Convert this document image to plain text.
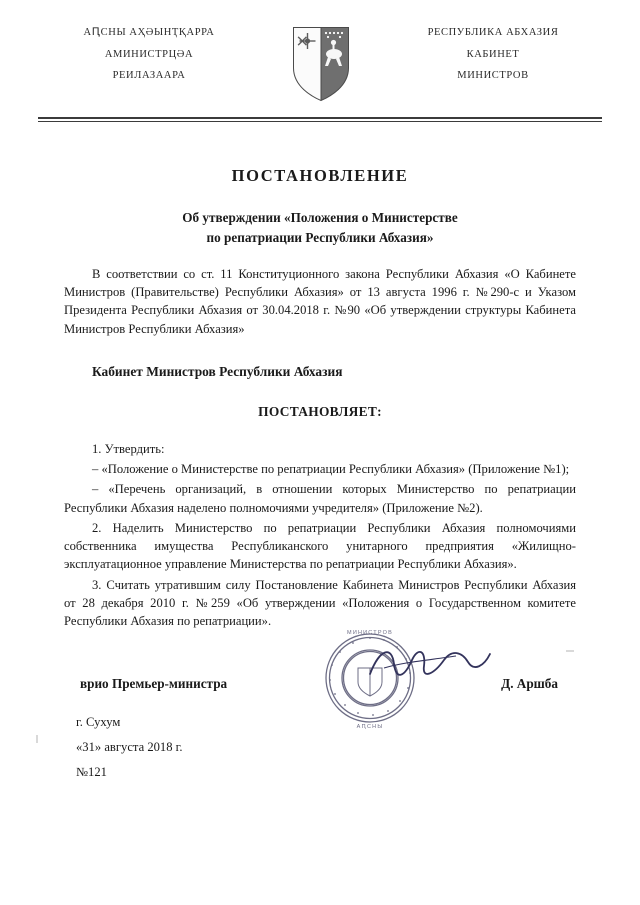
АԤСНЫ АҲӘЫНҬҚАРРА
АМИНИСТРЦӘА
РЕИЛАЗААРА
РЕСПУБЛИКА АБХАЗИЯ
КАБИНЕТ
МИНИСТРОВ
ПОСТАНОВЛЕНИЕ
Об утверждении «Положения о Министерстве
по репатриации Республики Абхазия»
В соответствии со ст. 11 Конституционного закона Республики Абхазия «О Кабинете Министров (Правительстве) Республики Абхазия» от 13 августа 1996 г. №290-с и Указом Президента Республики Абхазия от 30.04.2018 г. №90 «Об утверждении структуры Кабинета Министров Республики Абхазия»
Кабинет Министров Республики Абхазия
ПОСТАНОВЛЯЕТ:
1. Утвердить:
– «Положение о Министерстве по репатриации Республики Абхазия» (Приложение №1);
– «Перечень организаций, в отношении которых Министерство по репатриации Республики Абхазия наделено полномочиями учредителя» (Приложение №2).
2. Наделить Министерство по репатриации Республики Абхазия полномочиями собственника имущества Республиканского унитарного предприятия «Жилищно-эксплуатационное управление Министерства по репатриации Республики Абхазия».
3. Считать утратившим силу Постановление Кабинета Министров Республики Абхазия от 28 декабря 2010 г. №259 «Об утверждении «Положения о Государственном комитете Республики Абхазия по репатриации».
врио Премьер-министра
МИНИСТРОВ
АԤСНЫ
Д. Аршба
г. Сухум
«31» августа 2018 г.
№121
